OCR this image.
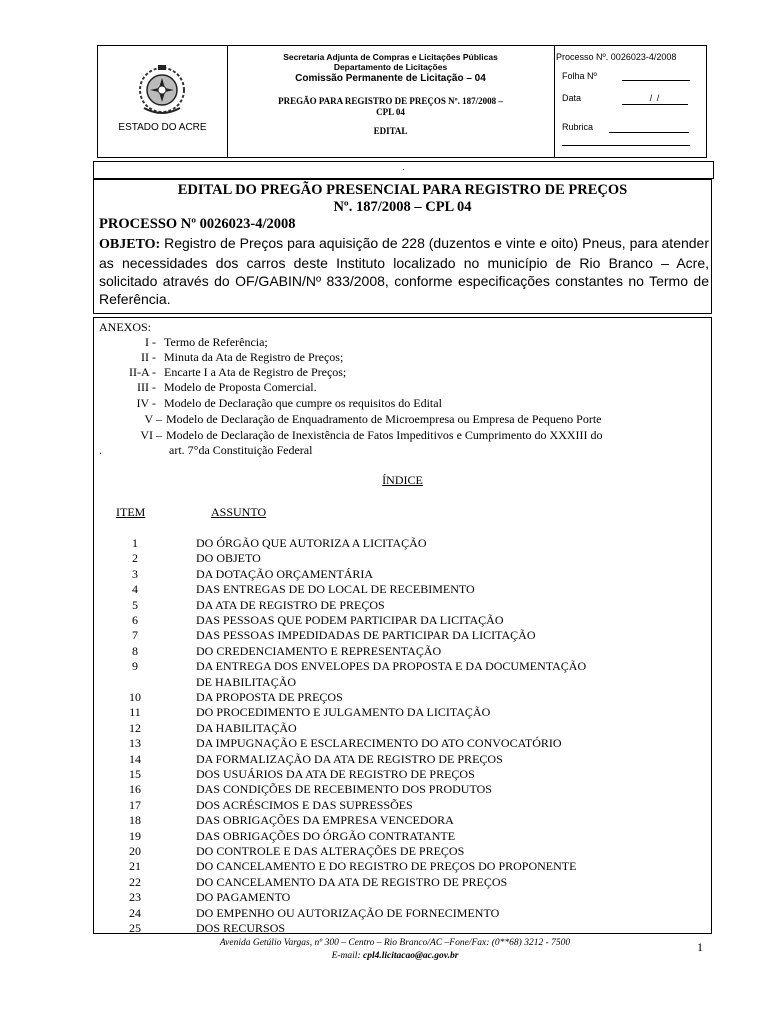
ESTADO DO ACRE
Secretaria Adjunta de Compras e Licitações Públicas
Departamento de Licitações
Comissão Permanente de Licitação – 04
PREGÃO PARA REGISTRO DE PREÇOS Nº. 187/2008 –
CPL 04
EDITAL
Processo Nº. 0026023-4/2008
Folha Nº
Data	/ /
Rubrica
.
EDITAL DO PREGÃO PRESENCIAL PARA REGISTRO DE PREÇOS
Nº. 187/2008 – CPL 04
PROCESSO Nº 0026023-4/2008
OBJETO: Registro de Preços para aquisição de 228 (duzentos e vinte e oito) Pneus, para atender as necessidades dos carros deste Instituto localizado no município de Rio Branco – Acre, solicitado através do OF/GABIN/Nº 833/2008, conforme especificações constantes no Termo de Referência.
ANEXOS:
I - Termo de Referência;
II - Minuta da Ata de Registro de Preços;
II-A - Encarte I a Ata de Registro de Preços;
III - Modelo de Proposta Comercial.
IV - Modelo de Declaração que cumpre os requisitos do Edital
V – Modelo de Declaração de Enquadramento de Microempresa ou Empresa de Pequeno Porte
VI – Modelo de Declaração de Inexistência de Fatos Impeditivos e Cumprimento do XXXIII do
.	art. 7°da Constituição Federal
ÍNDICE
ITEM	ASSUNTO
1	DO ÓRGÃO QUE AUTORIZA A LICITAÇÃO
2	DO OBJETO
3	DA DOTAÇÃO ORÇAMENTÁRIA
4	DAS ENTREGAS DE DO LOCAL DE RECEBIMENTO
5	DA ATA DE REGISTRO DE PREÇOS
6	DAS PESSOAS QUE PODEM PARTICIPAR DA LICITAÇÃO
7	DAS PESSOAS IMPEDIDADAS DE PARTICIPAR DA LICITAÇÃO
8	DO CREDENCIAMENTO E REPRESENTAÇÃO
9	DA ENTREGA DOS ENVELOPES DA PROPOSTA E DA DOCUMENTAÇÃO
DE HABILITAÇÃO
10	DA PROPOSTA DE PREÇOS
11	DO PROCEDIMENTO E JULGAMENTO DA LICITAÇÃO
12	DA HABILITAÇÃO
13	DA IMPUGNAÇÃO E ESCLARECIMENTO DO ATO CONVOCATÓRIO
14	DA FORMALIZAÇÃO DA ATA DE REGISTRO DE PREÇOS
15	DOS USUÁRIOS DA ATA DE REGISTRO DE PREÇOS
16	DAS CONDIÇÕES DE RECEBIMENTO DOS PRODUTOS
17	DOS ACRÉSCIMOS E DAS SUPRESSÕES
18	DAS OBRIGAÇÕES DA EMPRESA VENCEDORA
19	DAS OBRIGAÇÕES DO ÓRGÃO CONTRATANTE
20	DO CONTROLE E DAS ALTERAÇÕES DE PREÇOS
21	DO CANCELAMENTO E DO REGISTRO DE PREÇOS DO PROPONENTE
22	DO CANCELAMENTO DA ATA DE REGISTRO DE PREÇOS
23	DO PAGAMENTO
24	DO EMPENHO OU AUTORIZAÇÃO DE FORNECIMENTO
25	DOS RECURSOS
Avenida Getúlio Vargas, nº 300 – Centro – Rio Branco/AC –Fone/Fax: (0**68) 3212 - 7500
E-mail: cpl4.licitacao@ac.gov.br
1
